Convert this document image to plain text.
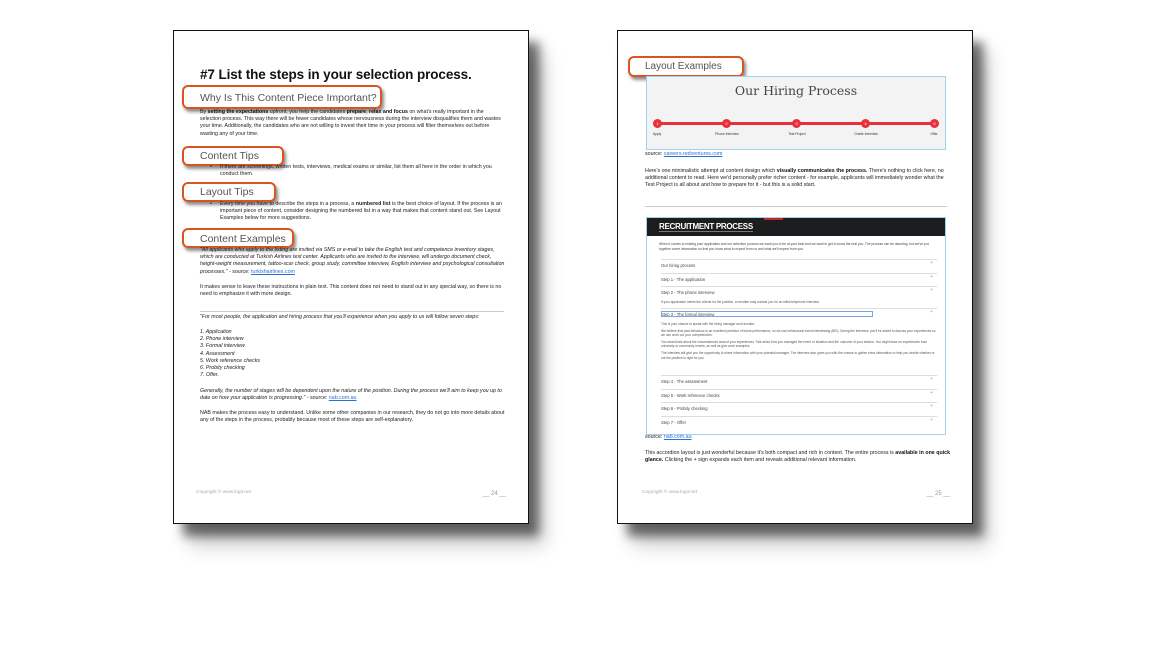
#7 List the steps in your selection process.
Why Is This Content Piece Important?
By setting the expectations upfront, you help the candidates prepare, relax and focus on what's really important in the selection process. This way there will be fewer candidates whose nervousness during the interview disqualifies them and wastes your time. Additionally, the candidates who are not willing to invest their time in your process will filter themselves out before wasting any of your time.
Content Tips
• If there are screenings, written tests, interviews, medical exams or similar, list them all here in the order in which you conduct them.
Layout Tips
• Every time you have to describe the steps in a process, a numbered list is the best choice of layout. If the process is an important piece of content, consider designing the numbered list in a way that makes that content stand out. See Layout Examples below for more suggestions.
Content Examples
"All applicants who apply to the listing are invited via SMS or e-mail to take the English test and competence inventory stages, which are conducted at Turkish Airlines test center. Applicants who are invited to the interview, will undergo document check, height-weight measurement, tattoo-scar check, group study, committee interview, English interview and psychological consultation processes." - source: turkishairlines.com
It makes sense to leave these instructions in plain text. This content does not need to stand out in any special way, so there is no need to emphasize it with more design.
"For most people, the application and hiring process that you'll experience when you apply to us will follow seven steps:
1. Application
2. Phone interview
3. Formal interview
4. Assessment
5. Work reference checks
6. Probity checking
7. Offer.
Generally, the number of stages will be dependent upon the nature of the position. During the process we'll aim to keep you up to date on how your application is progressing." - source: nab.com.au
NAB makes the process easy to understand. Unlike some other companies in our research, they do not go into more details about any of the steps in the process, probably because most of these steps are self-explanatory.
Copyright © www.logit.net	__ 24 __
Layout Examples
Our Hiring Process
1	2	3	4	5
Apply	Phone Interview	Test Project	Onsite Interview	Offer
source: careers.redventures.com
Here's one minimalistic attempt at content design which visually communicates the process. There's nothing to click here, no additional content to read. Here we'd personally prefer richer content - for example, applicants will immediately wonder what the Test Project is all about and how to prepare for it - but this is a solid start.
RECRUITMENT PROCESS
When it comes to making your application and our selection process we want you to be at your best and we want to get to know the real you. The process can be daunting, but we've put together some information so that you know what to expect from us and what we'll expect from you.
Our hiring process	+
Step 1 - The application	+
Step 2 - The phone interview	+
If your application meets the criteria for the position, a recruiter may contact you for an initial telephone interview.
Step 3 - The formal interview	+
This is your chance to speak with the hiring manager and recruiter.
We believe that past behaviour is an excellent predictor of future performance, so we use behavioural event interviewing (BEI). During the interview, you'll be asked to discuss your experiences so we can work out your competencies.
You should talk about the circumstances around your experiences. Talk about how you managed the event or situation and the outcome of your actions. You might draw on experiences from university or community events, as well as give work examples.
The interview will give you the opportunity to share information with your potential manager. The interview also gives you with the chance to gather extra information to help you decide whether or not the position is right for you.
Step 4 - The assessment	+
Step 5 - Work reference checks	+
Step 6 - Probity checking	+
Step 7 - Offer	+
source: nab.com.au
This accordion layout is just wonderful because it's both compact and rich in content. The entire process is available in one quick glance. Clicking the + sign expands each item and reveals additional relevant information.
Copyright © www.logit.net	__ 25 __
